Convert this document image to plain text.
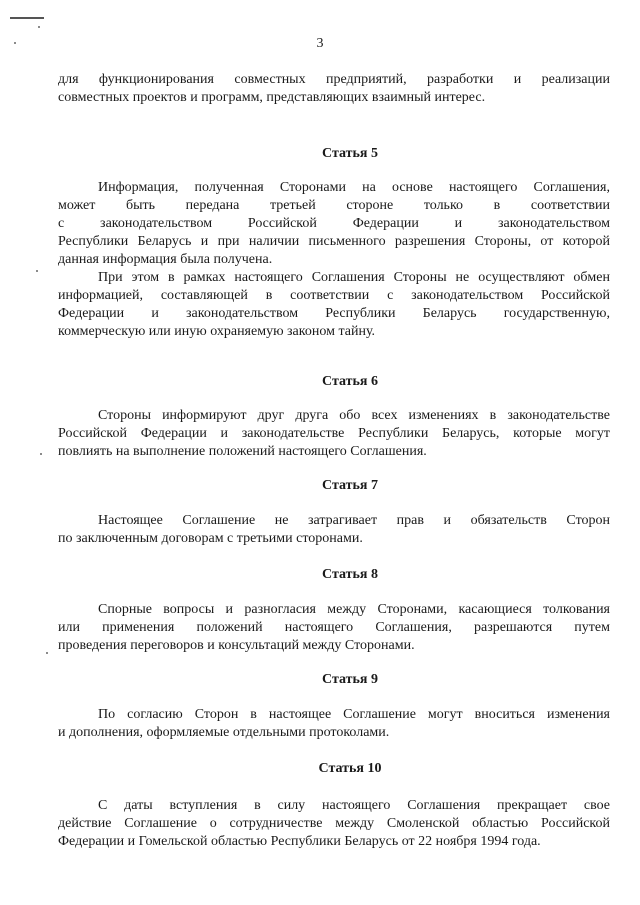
3
для функционирования совместных предприятий, разработки и реализации
совместных проектов и программ, представляющих взаимный интерес.
Статья 5
Информация, полученная Сторонами на основе настоящего Соглашения,
может быть передана третьей стороне только в соответствии
с законодательством Российской Федерации и законодательством
Республики Беларусь и при наличии письменного разрешения Стороны, от которой
данная информация была получена.
При этом в рамках настоящего Соглашения Стороны не осуществляют обмен
информацией, составляющей в соответствии с законодательством Российской
Федерации и законодательством Республики Беларусь государственную,
коммерческую или иную охраняемую законом тайну.
Статья 6
Стороны информируют друг друга обо всех изменениях в законодательстве
Российской Федерации и законодательстве Республики Беларусь, которые могут
повлиять на выполнение положений настоящего Соглашения.
Статья 7
Настоящее Соглашение не затрагивает прав и обязательств Сторон
по заключенным договорам с третьими сторонами.
Статья 8
Спорные вопросы и разногласия между Сторонами, касающиеся толкования
или применения положений настоящего Соглашения, разрешаются путем
проведения переговоров и консультаций между Сторонами.
Статья 9
По согласию Сторон в настоящее Соглашение могут вноситься изменения
и дополнения, оформляемые отдельными протоколами.
Статья 10
С даты вступления в силу настоящего Соглашения прекращает свое
действие Соглашение о сотрудничестве между Смоленской областью Российской
Федерации и Гомельской областью Республики Беларусь от 22 ноября 1994 года.
